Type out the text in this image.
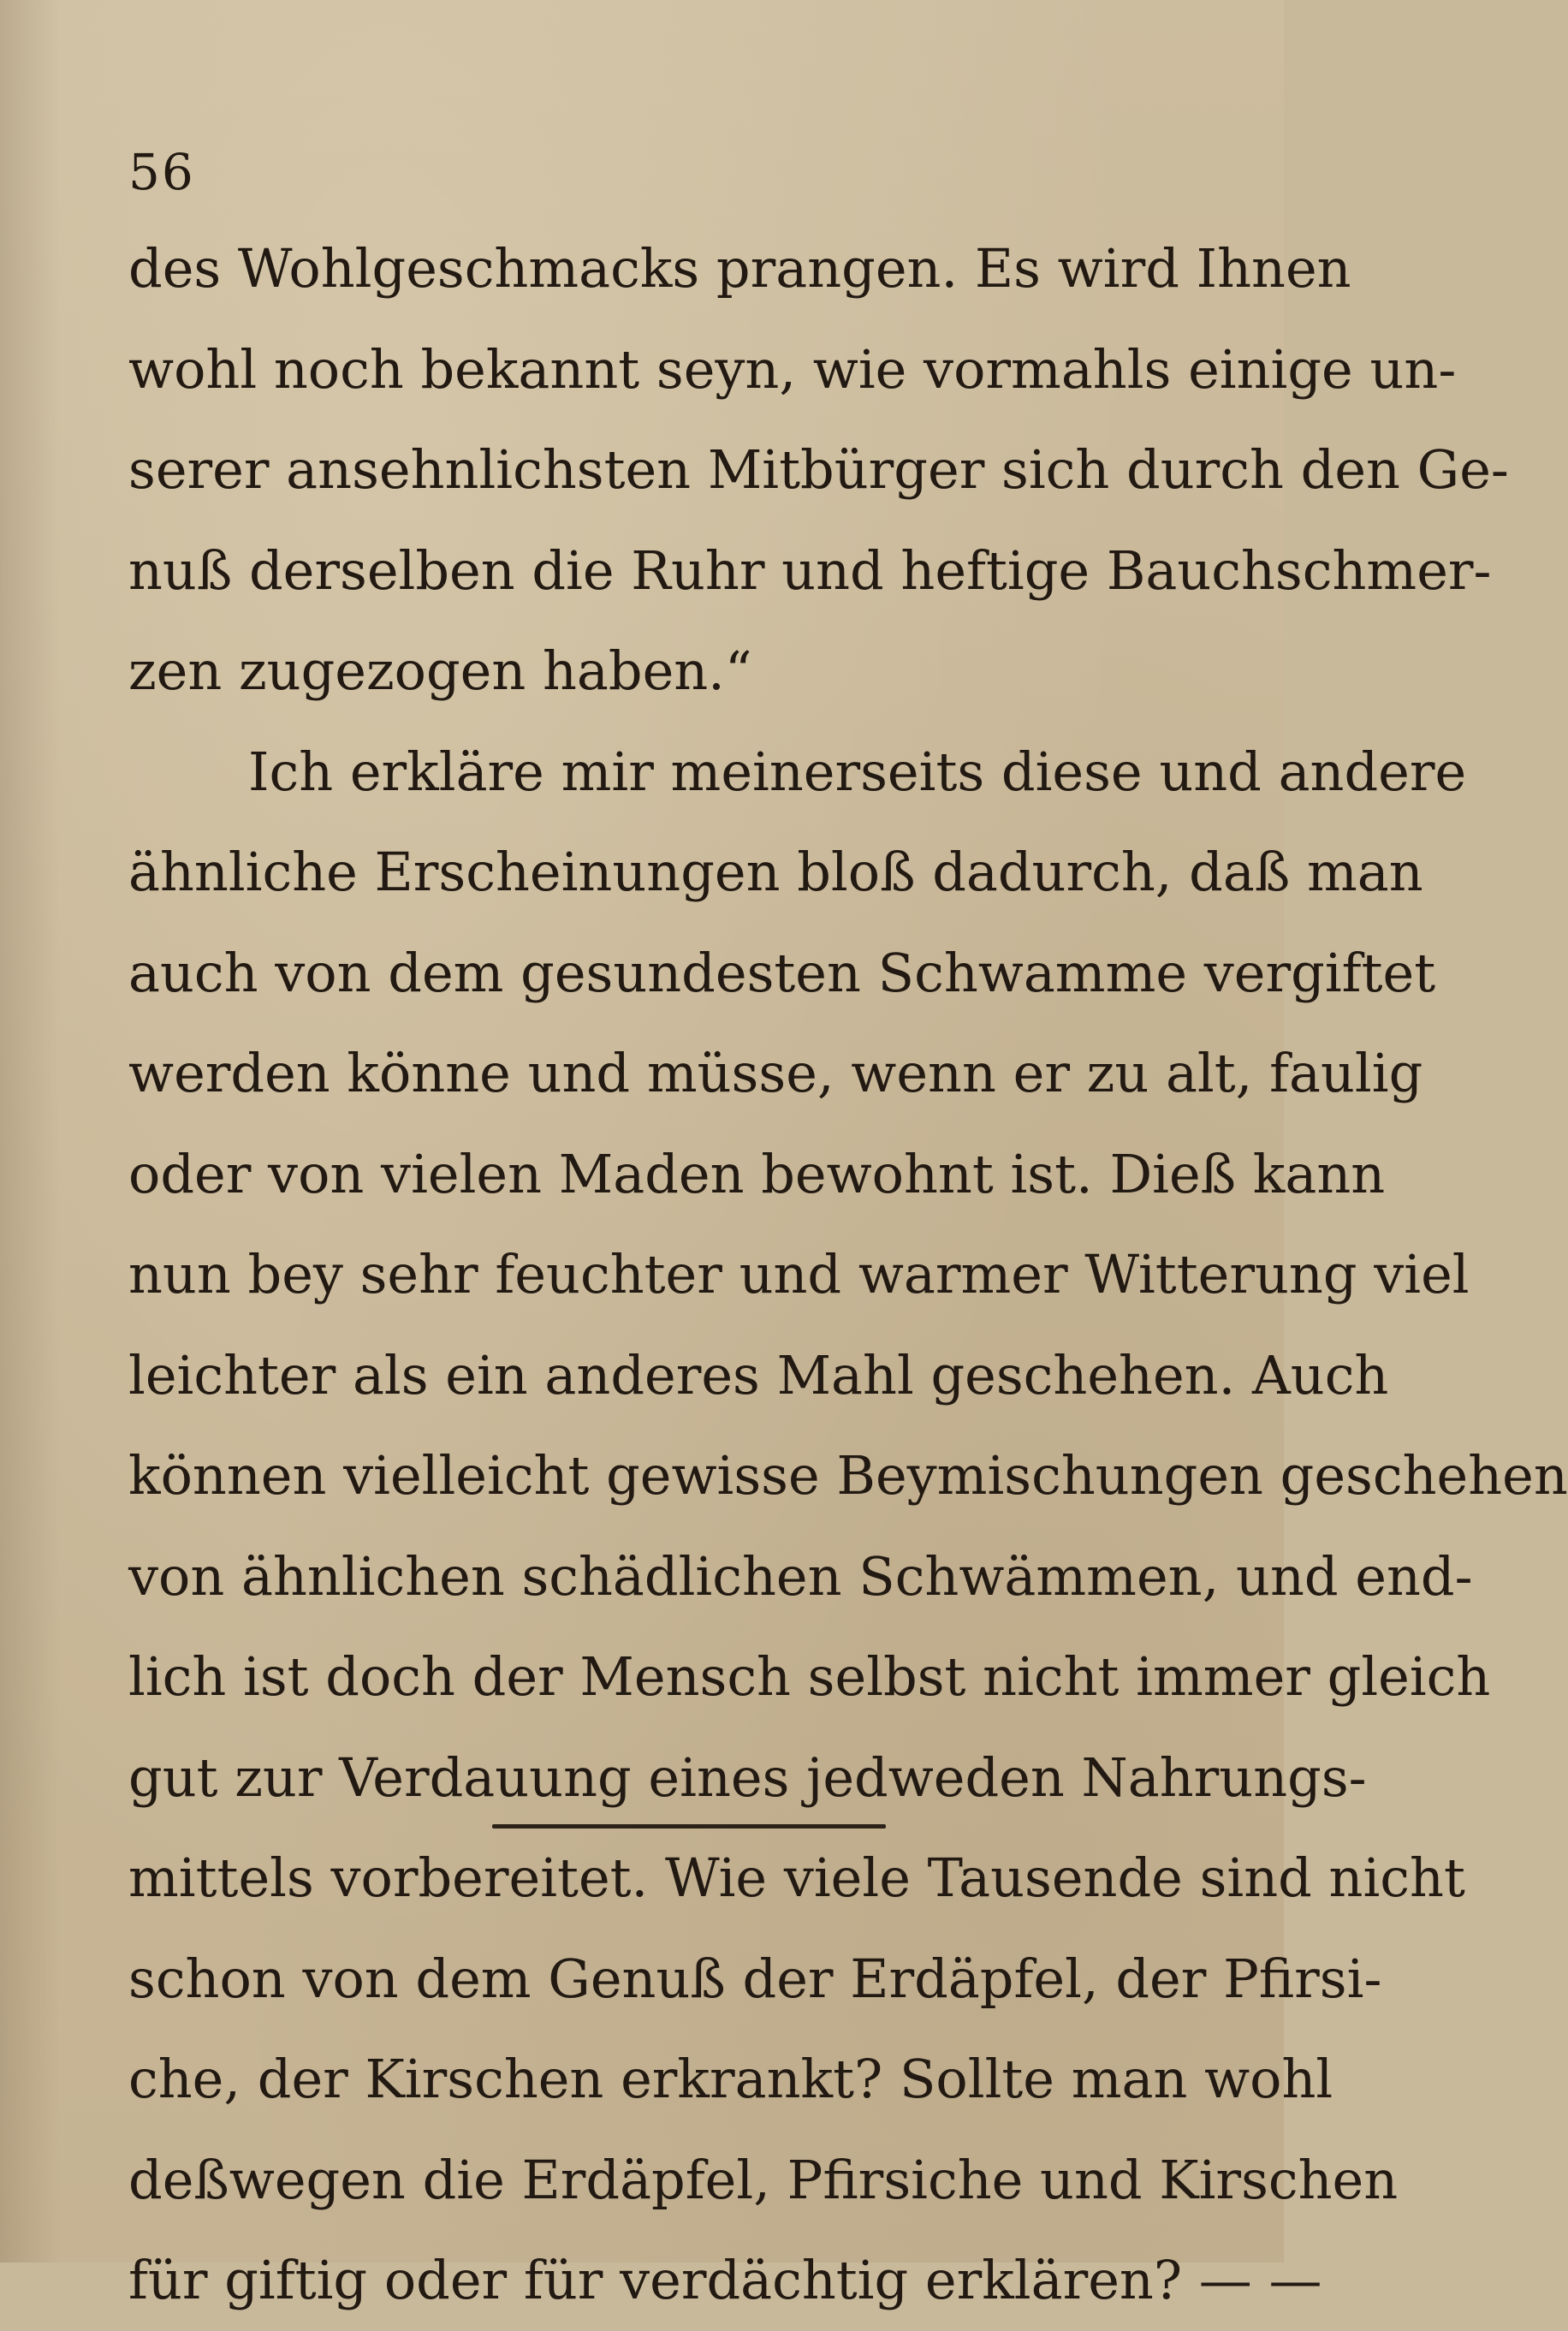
56
des Wohlgeschmacks prangen. Es wird Ihnen
wohl noch bekannt seyn, wie vormahls einige un-
serer ansehnlichsten Mitbürger sich durch den Ge-
nuß derselben die Ruhr und heftige Bauchschmer-
zen zugezogen haben.“
Ich erkläre mir meinerseits diese und andere
ähnliche Erscheinungen bloß dadurch, daß man
auch von dem gesundesten Schwamme vergiftet
werden könne und müsse, wenn er zu alt, faulig
oder von vielen Maden bewohnt ist. Dieß kann
nun bey sehr feuchter und warmer Witterung viel
leichter als ein anderes Mahl geschehen. Auch
können vielleicht gewisse Beymischungen geschehen
von ähnlichen schädlichen Schwämmen, und end-
lich ist doch der Mensch selbst nicht immer gleich
gut zur Verdauung eines jedweden Nahrungs-
mittels vorbereitet. Wie viele Tausende sind nicht
schon von dem Genuß der Erdäpfel, der Pfirsi-
che, der Kirschen erkrankt? Sollte man wohl
deßwegen die Erdäpfel, Pfirsiche und Kirschen
für giftig oder für verdächtig erklären? — —
